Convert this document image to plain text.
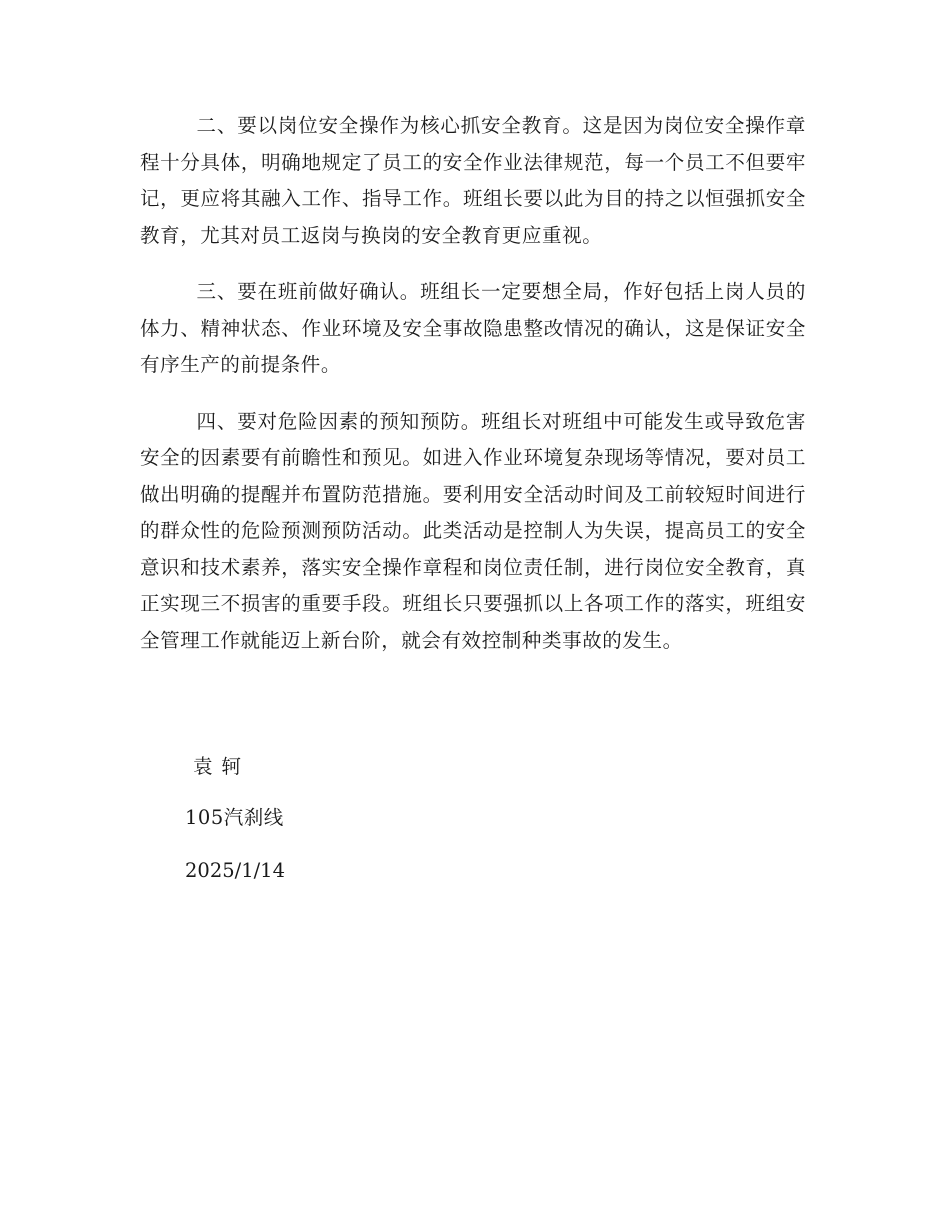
二、要以岗位安全操作为核心抓安全教育。这是因为岗位安全操作章程十分具体，明确地规定了员工的安全作业法律规范，每一个员工不但要牢记，更应将其融入工作、指导工作。班组长要以此为目的持之以恒强抓安全教育，尤其对员工返岗与换岗的安全教育更应重视。

三、要在班前做好确认。班组长一定要想全局，作好包括上岗人员的体力、精神状态、作业环境及安全事故隐患整改情况的确认，这是保证安全有序生产的前提条件。

四、要对危险因素的预知预防。班组长对班组中可能发生或导致危害安全的因素要有前瞻性和预见。如进入作业环境复杂现场等情况，要对员工做出明确的提醒并布置防范措施。要利用安全活动时间及工前较短时间进行的群众性的危险预测预防活动。此类活动是控制人为失误，提高员工的安全意识和技术素养，落实安全操作章程和岗位责任制，进行岗位安全教育，真正实现三不损害的重要手段。班组长只要强抓以上各项工作的落实，班组安全管理工作就能迈上新台阶，就会有效控制种类事故的发生。

袁轲
105汽刹线
2025/1/14
